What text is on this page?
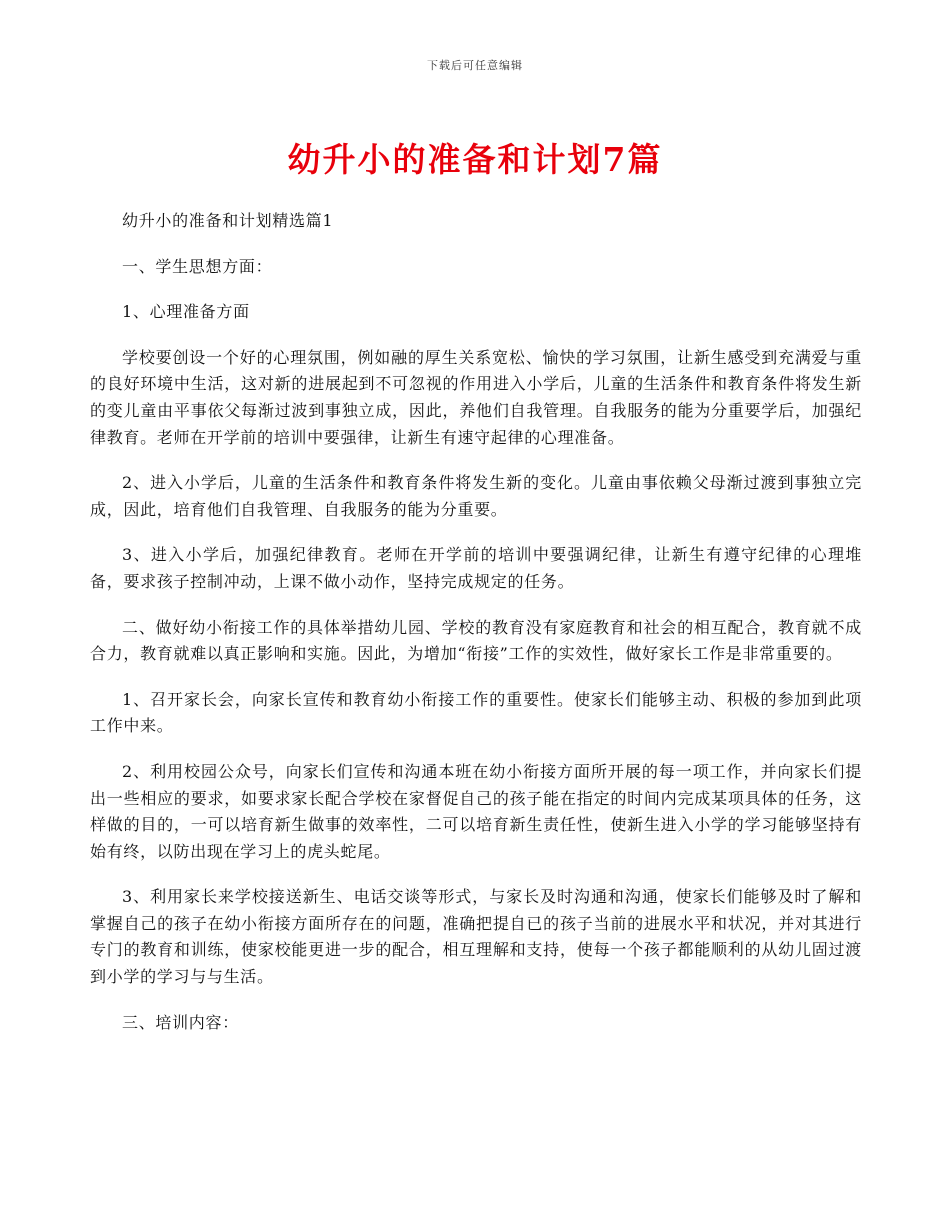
下载后可任意编辑
幼升小的准备和计划7篇

幼升小的准备和计划精选篇1

一、学生思想方面：

1、心理准备方面

学校要创设一个好的心理氛围，例如融的厚生关系宽松、愉快的学习氛围，让新生感受到充满爱与重的良好环境中生活，这对新的进展起到不可忽视的作用进入小学后，儿童的生活条件和教育条件将发生新的变儿童由平事依父每渐过波到事独立成，因此，养他们自我管理。自我服务的能为分重要学后，加强纪律教育。老师在开学前的培训中要强律，让新生有速守起律的心理准备。

2、进入小学后，儿童的生活条件和教育条件将发生新的变化。儿童由事依赖父母渐过渡到事独立完成，因此，培育他们自我管理、自我服务的能为分重要。

3、进入小学后，加强纪律教育。老师在开学前的培训中要强调纪律，让新生有遵守纪律的心理堆备，要求孩子控制冲动，上课不做小动作，坚持完成规定的任务。

二、做好幼小衔接工作的具体举措幼儿园、学校的教育没有家庭教育和社会的相互配合，教育就不成合力，教育就难以真正影响和实施。因此，为增加“衔接”工作的实效性，做好家长工作是非常重要的。

1、召开家长会，向家长宣传和教育幼小衔接工作的重要性。使家长们能够主动、积极的参加到此项工作中来。

2、利用校园公众号，向家长们宣传和沟通本班在幼小衔接方面所开展的每一项工作，并向家长们提出一些相应的要求，如要求家长配合学校在家督促自己的孩子能在指定的时间内完成某项具体的任务，这样做的目的，一可以培育新生做事的效率性，二可以培育新生责任性，使新生进入小学的学习能够坚持有始有终，以防出现在学习上的虎头蛇尾。

3、利用家长来学校接送新生、电话交谈等形式，与家长及时沟通和沟通，使家长们能够及时了解和掌握自己的孩子在幼小衔接方面所存在的问题，准确把提自已的孩子当前的进展水平和状况，并对其进行专门的教育和训练，使家校能更进一步的配合，相互理解和支持，使每一个孩子都能顺利的从幼儿固过渡到小学的学习与与生活。

三、培训内容：
